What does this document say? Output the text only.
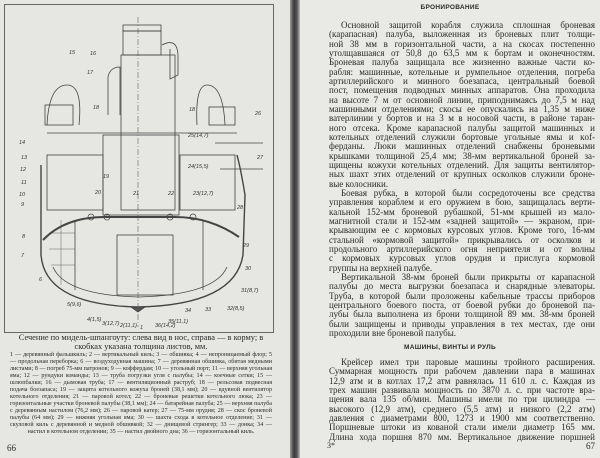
15	16
17
18	18
19
20	21	22	23(12,7)
24(15,5)
25(14,7)
26
27
28
29
30
31(8,7)
32(8,5)
33
34
35(11,1)
36(14,2)
1
2(11,1)
3(12,7)
4(1,5)
5(9,6)
6
7
8
9
10
11
12
13
14
Сечение по мидель-шпангоуту: слева вид в нос, справа — в корму; в скобках указана толщина листов, мм.
1 — деревянный фальшкиль; 2 — вертикальный киль; 3 — обшивка; 4 — непроницаемый флор; 5 — продольная переборка; 6 — воздуходувная машина; 7 — деревянная обшивка, обитая медными листами; 8 — погреб 75-мм патронов; 9 — коффердам; 10 — угольный порт; 11 — верхняя угольная яма; 12 — рундуки команды; 13 — труба погрузки угля с палубы; 14 — коечные сетки; 15 — шлюпбалки; 16 — дымовая труба; 17 — вентиляционный раструб; 18 — рельсовая подвесная подача боезапаса; 19 — защита котельного кожуха броней (38,1 мм); 20 — вдувной вентилятор котельного отделения; 21 — паровой котел; 22 — броневые решетки котельного люка; 23 — горизонтальные участки броневой палубы (38,1 мм); 24 — батарейная палуба; 25 — верхняя палуба с деревянным настилом (76,2 мм); 26 — паровой катер; 27 — 75-мм орудия; 28 — скос броневой палубы (64 мм); 29 — нижняя угольная яма; 30 — шахта схода в котельное отделение; 31 — скуловой киль с деревянной и медной обшивкой; 32 — днищевой стрингер; 33 — донка; 34 — настил в котельном отделении; 35 — настил двойного дна; 36 — горизонтальный киль.
66
БРОНИРОВАНИЕ
Основной защитой корабля служила сплошная броневая
(карапасная) палуба, выложенная из броневых плит толщи-
ной 38 мм в горизонтальной части, а на скосах постепенно
утолщавшаяся от 50,8 до 63,5 мм к бортам и оконечностям.
Броневая палуба защищала все жизненно важные части ко-
рабля: машинные, котельные и румпельное отделения, погреба
артиллерийского и минного боезапаса, центральный боевой
пост, помещения подводных минных аппаратов. Она проходила
на высоте 7 м от основной линии, приподнимаясь до 7,5 м над
машинными отделениями; скосы ее опускались на 1,35 м ниже
ватерлинии у бортов и на 3 м в носовой части, в районе таран-
ного отсека. Кроме карапасной палубы защитой машинных и
котельных отделений служили бортовые угольные ямы и кof-
ферданы. Люки машинных отделений снабжены броневыми
крышками толщиной 25,4 мм; 38-мм вертикальной броней за-
щищены кожухи котельных отделений. Для защиты вентилятор-
ных шахт этих отделений от крупных осколков служили броне-
вые колосники.
Боевая рубка, в которой были сосредоточены все средства
управления кораблем и его оружием в бою, защищалась верти-
кальной 152-мм броневой рубашкой, 51-мм крышей из мало-
магнитной стали и 152-мм «задней защитой» — экраном, при-
крывающим ее с кормовых курсовых углов. Кроме того, 16-мм
стальной «кормовой защитой» прикрывались от осколков и
продольного артиллерийского огня неприятеля и от волны
с кормовых курсовых углов орудия и прислуга кормовой
группы на верхней палубе.
Вертикальной 38-мм броней были прикрыты от карапасной
палубы до места выгрузки боезапаса и снарядные элеваторы.
Труба, в которой были проложены кабельные трассы приборов
центрального боевого поста, от боевой рубки до броневой па-
лубы была выполнена из брони толщиной 89 мм. 38-мм броней
были защищены и приводы управления в тех местах, где они
проходили вне броневой палубы.
МАШИНЫ, ВИНТЫ И РУЛЬ
Крейсер имел три паровые машины тройного расширения.
Суммарная мощность при рабочем давлении пара в машинах
12,9 атм и в котлах 17,2 атм равнялась 11 610 л. с. Каждая из
трех машин развивала мощность по 3870 л. с. при частоте вра-
щения вала 135 об/мин. Машины имели по три цилиндра —
высокого (12,9 атм), среднего (5,5 атм) и низкого (2,2 атм)
давления с диаметрами 800, 1273 и 1900 мм соответственно.
Поршневые штоки из кованой стали имели диаметр 165 мм.
Длина хода поршня 870 мм. Вертикальное движение поршней
3*	67
